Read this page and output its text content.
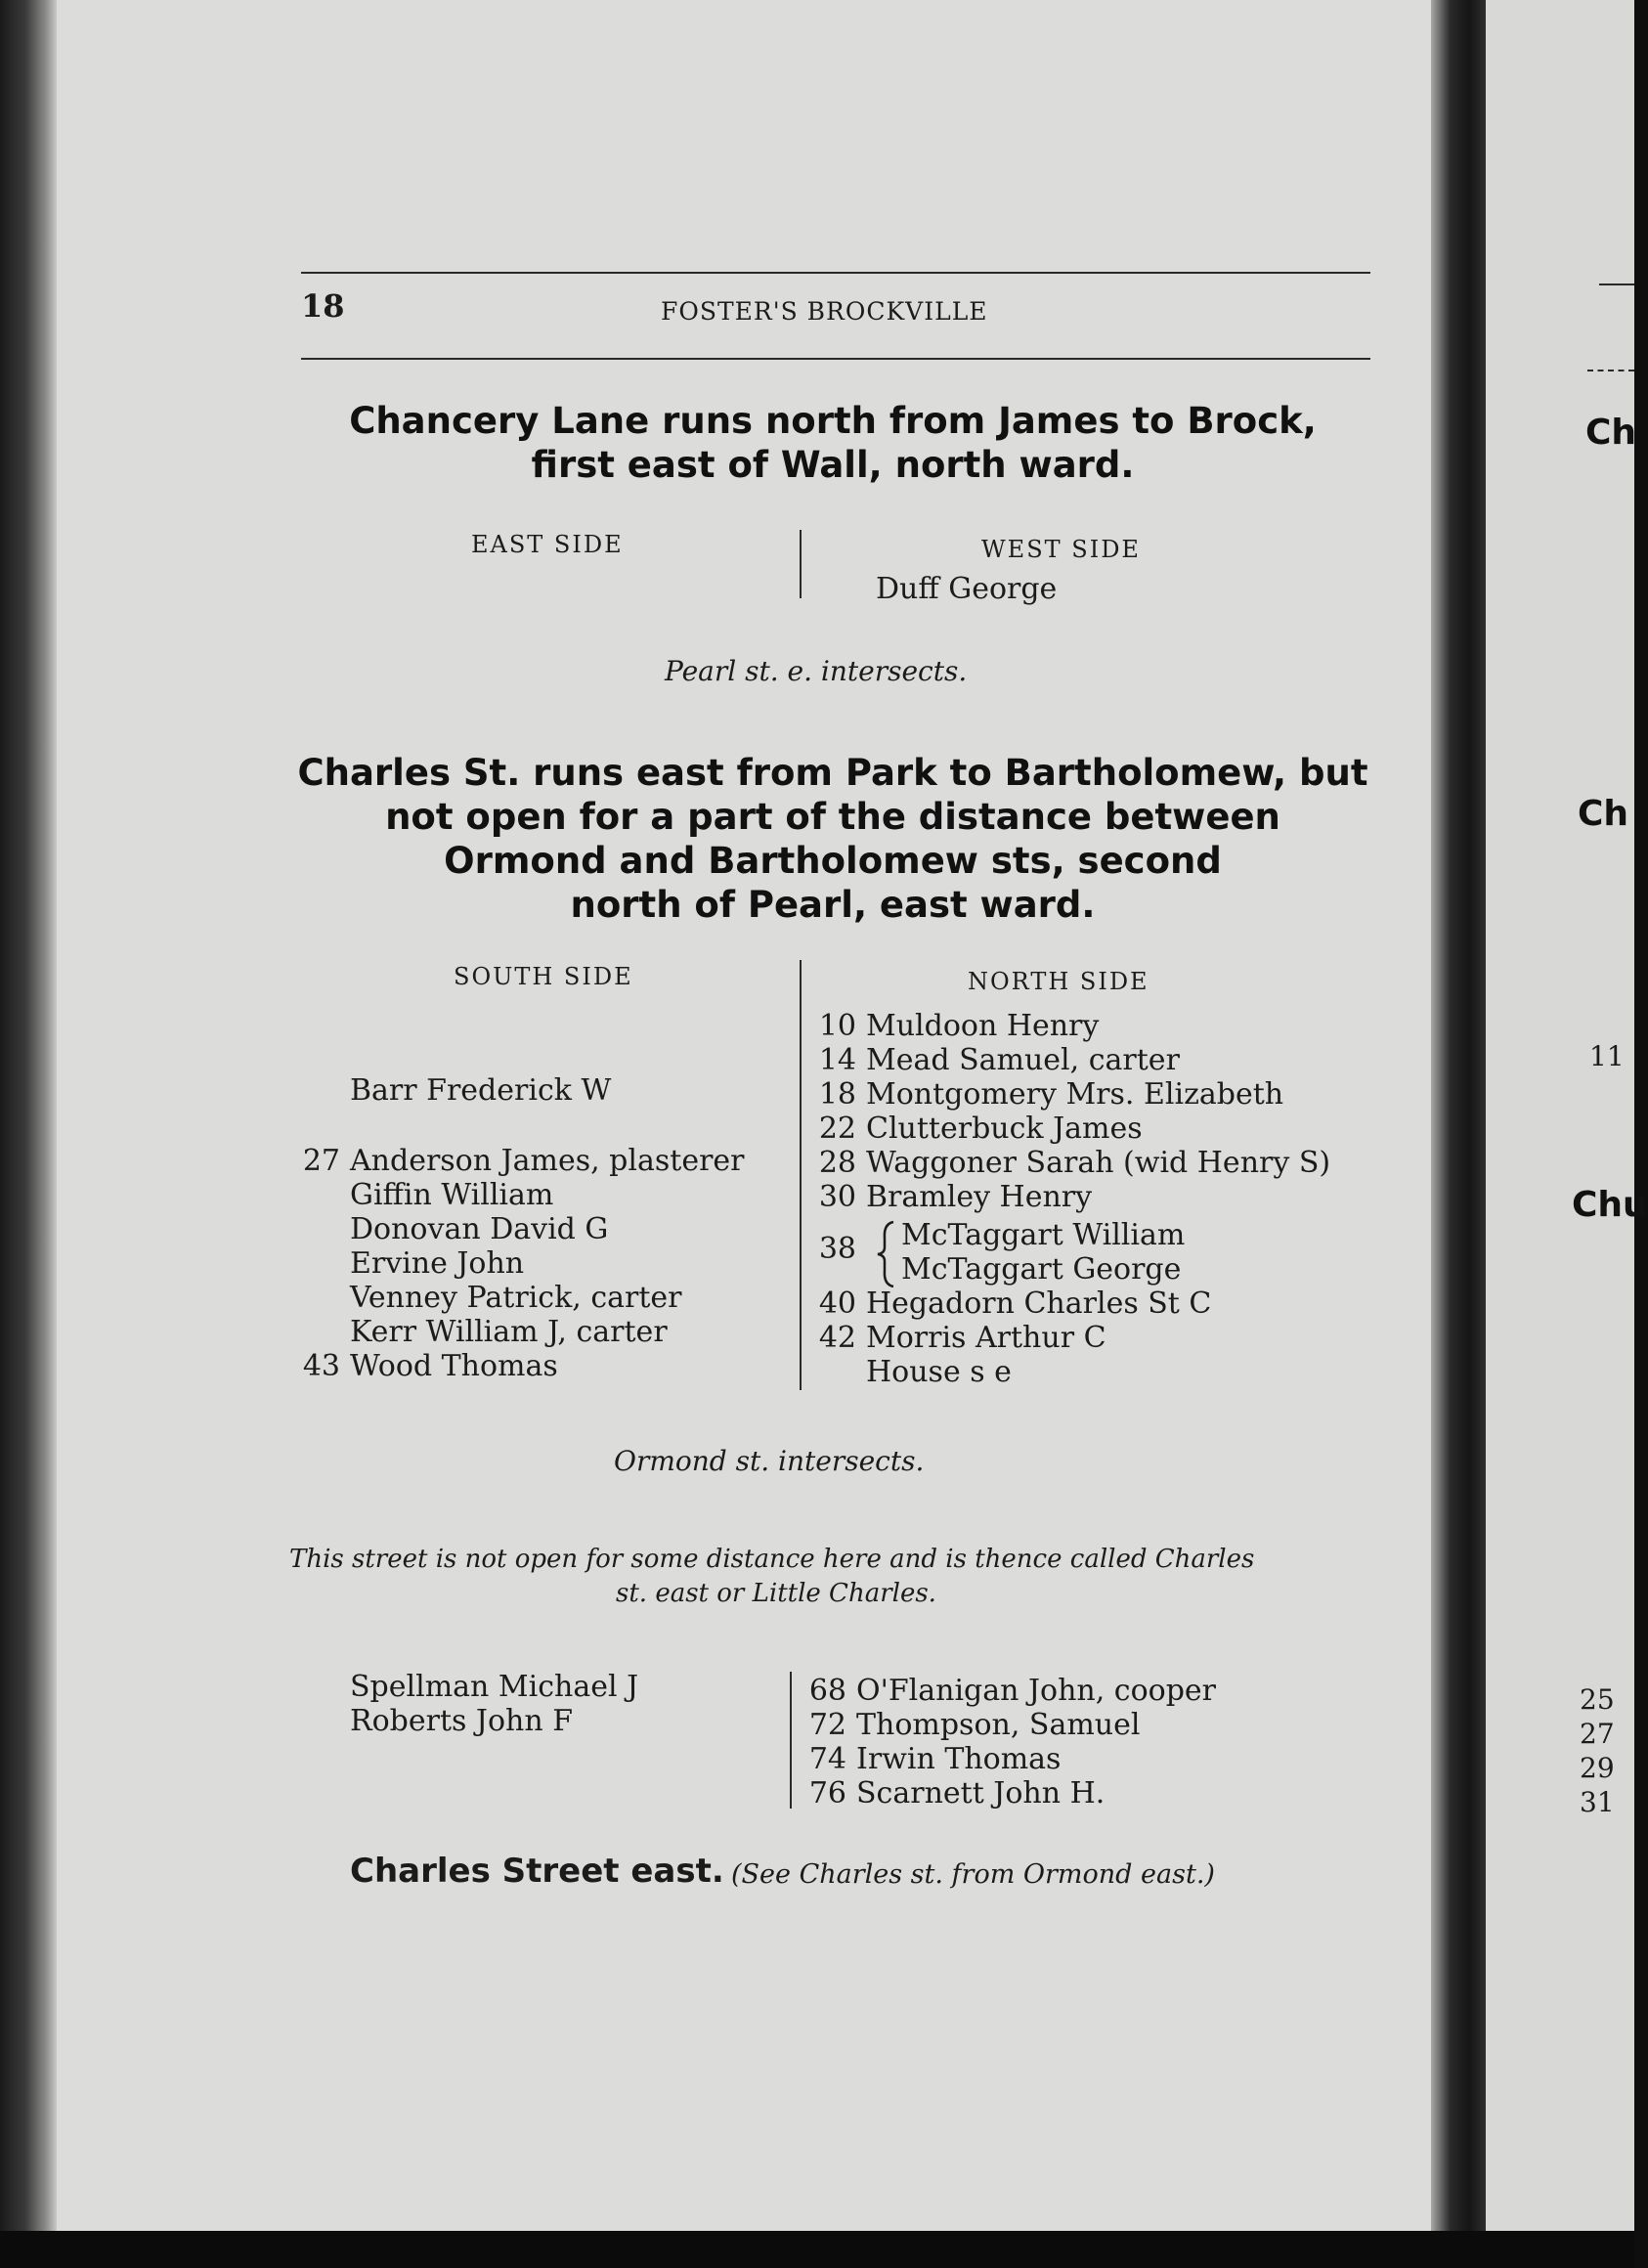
18	FOSTER'S BROCKVILLE
Chancery Lane runs north from James to Brock,
first east of Wall, north ward.
EAST SIDE	WEST SIDE
Duff George
Pearl st. e. intersects.
Charles St. runs east from Park to Bartholomew, but
not open for a part of the distance between
Ormond and Bartholomew sts, second
north of Pearl, east ward.
SOUTH SIDE	NORTH SIDE
Barr Frederick W
27 Anderson James, plasterer
Giffin William
Donovan David G
Ervine John
Venney Patrick, carter
Kerr William J, carter
43 Wood Thomas
10 Muldoon Henry
14 Mead Samuel, carter
18 Montgomery Mrs. Elizabeth
22 Clutterbuck James
28 Waggoner Sarah (wid Henry S)
30 Bramley Henry
38	McTaggart William
McTaggart George
40 Hegadorn Charles St C
42 Morris Arthur C
House s e
Ormond st. intersects.
This street is not open for some distance here and is thence called Charles
st. east or Little Charles.
Spellman Michael J
Roberts John F
68 O'Flanigan John, cooper
72 Thompson, Samuel
74 Irwin Thomas
76 Scarnett John H.
Charles Street east. (See Charles st. from Ormond east.)
Ch
Ch
11
Chu
25
27
29
31
